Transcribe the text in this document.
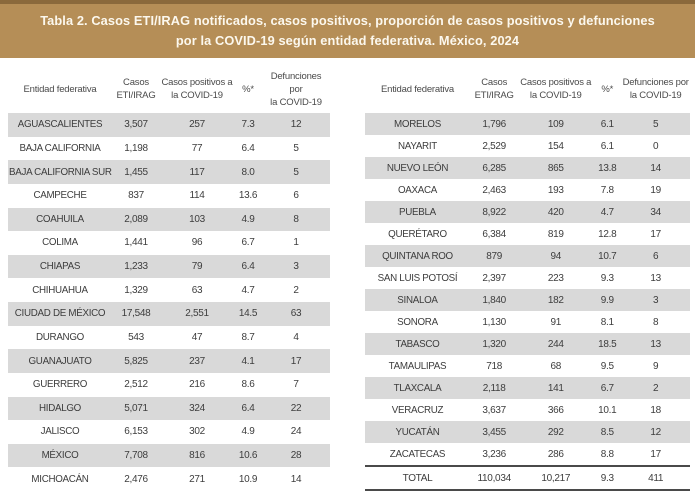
Tabla 2. Casos ETI/IRAG notificados, casos positivos, proporción de casos positivos y defunciones
por la COVID-19 según entidad federativa. México, 2024
Entidad federativa	Casos
ETI/IRAG	Casos positivos a
la COVID-19	%*	Defunciones por
la COVID-19

AGUASCALIENTES	3,507	257	7.3	12
BAJA CALIFORNIA	1,198	77	6.4	5
BAJA CALIFORNIA SUR	1,455	117	8.0	5
CAMPECHE	837	114	13.6	6
COAHUILA	2,089	103	4.9	8
COLIMA	1,441	96	6.7	1
CHIAPAS	1,233	79	6.4	3
CHIHUAHUA	1,329	63	4.7	2
CIUDAD DE MÉXICO	17,548	2,551	14.5	63
DURANGO	543	47	8.7	4
GUANAJUATO	5,825	237	4.1	17
GUERRERO	2,512	216	8.6	7
HIDALGO	5,071	324	6.4	22
JALISCO	6,153	302	4.9	24
MÉXICO	7,708	816	10.6	28
MICHOACÁN	2,476	271	10.9	14
Entidad federativa	Casos
ETI/IRAG	Casos positivos a
la COVID-19	%*	Defunciones por
la COVID-19

MORELOS	1,796	109	6.1	5
NAYARIT	2,529	154	6.1	0
NUEVO LEÓN	6,285	865	13.8	14
OAXACA	2,463	193	7.8	19
PUEBLA	8,922	420	4.7	34
QUERÉTARO	6,384	819	12.8	17
QUINTANA ROO	879	94	10.7	6
SAN LUIS POTOSÍ	2,397	223	9.3	13
SINALOA	1,840	182	9.9	3
SONORA	1,130	91	8.1	8
TABASCO	1,320	244	18.5	13
TAMAULIPAS	718	68	9.5	9
TLAXCALA	2,118	141	6.7	2
VERACRUZ	3,637	366	10.1	18
YUCATÁN	3,455	292	8.5	12
ZACATECAS	3,236	286	8.8	17
TOTAL	110,034	10,217	9.3	411
